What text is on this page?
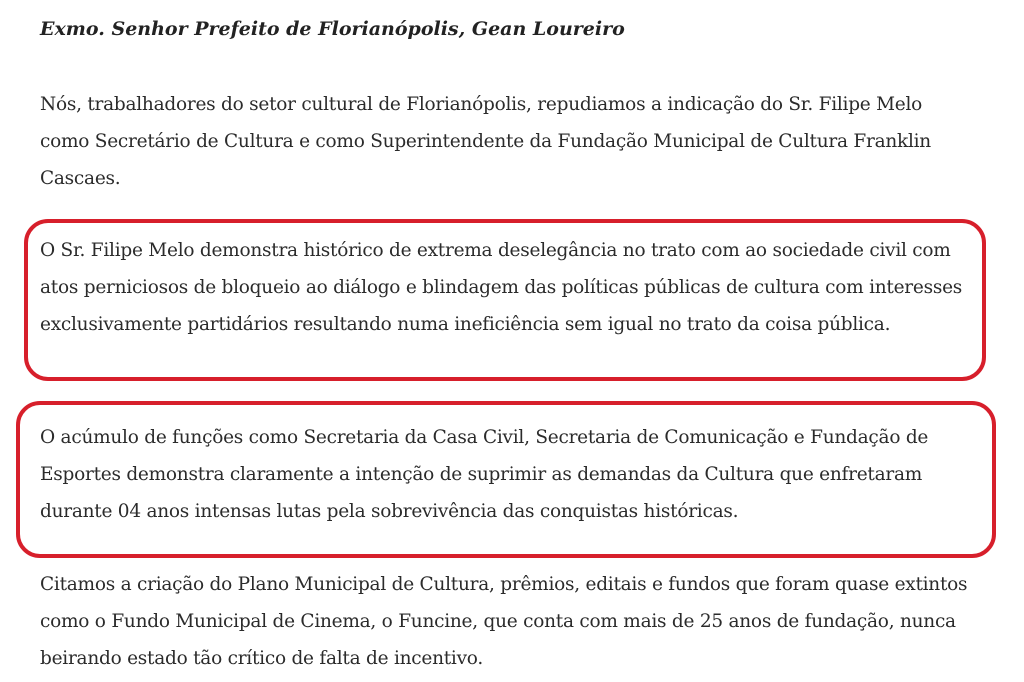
Exmo. Senhor Prefeito de Florianópolis, Gean Loureiro

Nós, trabalhadores do setor cultural de Florianópolis, repudiamos a indicação do Sr. Filipe Melo como Secretário de Cultura e como Superintendente da Fundação Municipal de Cultura Franklin Cascaes.

O Sr. Filipe Melo demonstra histórico de extrema deselegância no trato com ao sociedade civil com atos perniciosos de bloqueio ao diálogo e blindagem das políticas públicas de cultura com interesses exclusivamente partidários resultando numa ineficiência sem igual no trato da coisa pública.

O acúmulo de funções como Secretaria da Casa Civil, Secretaria de Comunicação e Fundação de Esportes demonstra claramente a intenção de suprimir as demandas da Cultura que enfretaram durante 04 anos intensas lutas pela sobrevivência das conquistas históricas.

Citamos a criação do Plano Municipal de Cultura, prêmios, editais e fundos que foram quase extintos como o Fundo Municipal de Cinema, o Funcine, que conta com mais de 25 anos de fundação, nunca beirando estado tão crítico de falta de incentivo.
